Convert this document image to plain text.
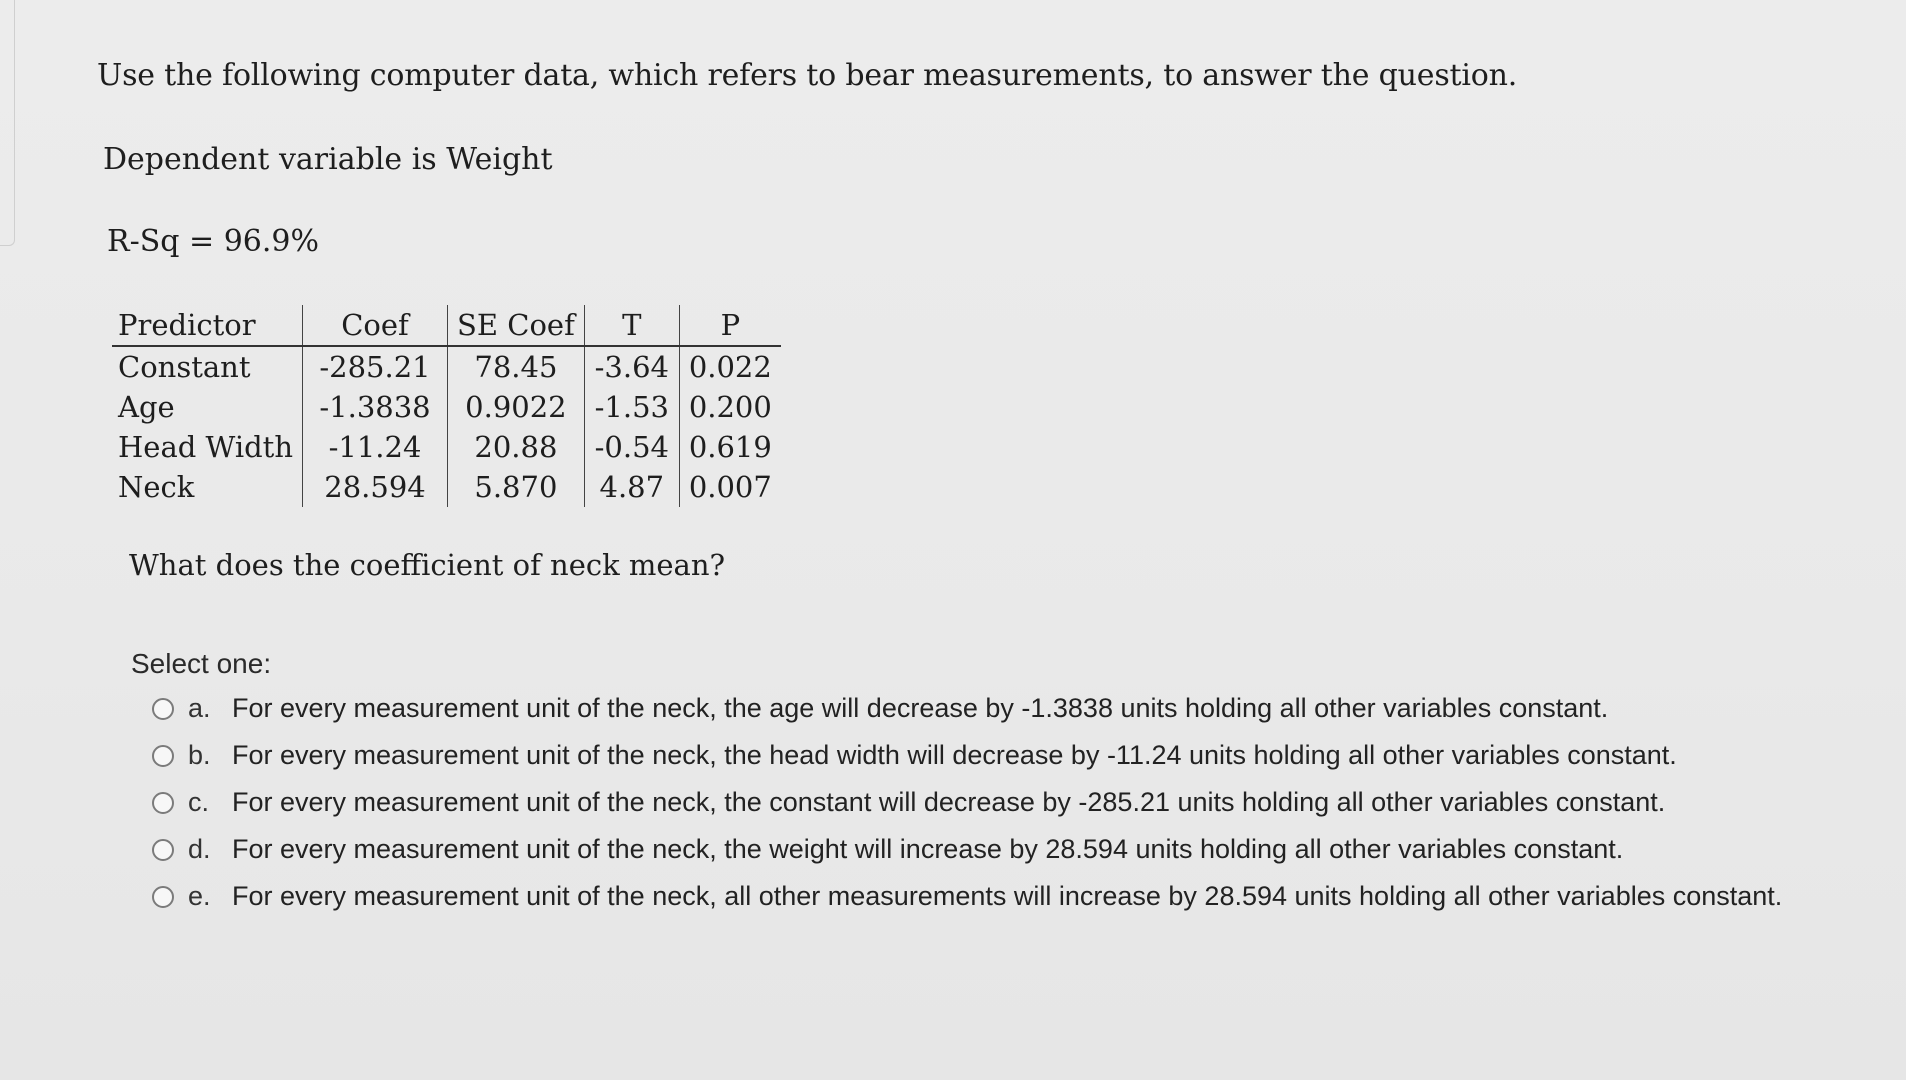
Use the following computer data, which refers to bear measurements, to answer the question.

Dependent variable is Weight

R-Sq = 96.9%

Predictor	Coef	SE Coef	T	P
Constant	-285.21	78.45	-3.64	0.022
Age	-1.3838	0.9022	-1.53	0.200
Head Width	-11.24	20.88	-0.54	0.619
Neck	28.594	5.870	4.87	0.007

What does the coefficient of neck mean?

Select one:

a. For every measurement unit of the neck, the age will decrease by -1.3838 units holding all other variables constant.
b. For every measurement unit of the neck, the head width will decrease by -11.24 units holding all other variables constant.
c. For every measurement unit of the neck, the constant will decrease by -285.21 units holding all other variables constant.
d. For every measurement unit of the neck, the weight will increase by 28.594 units holding all other variables constant.
e. For every measurement unit of the neck, all other measurements will increase by 28.594 units holding all other variables constant.
